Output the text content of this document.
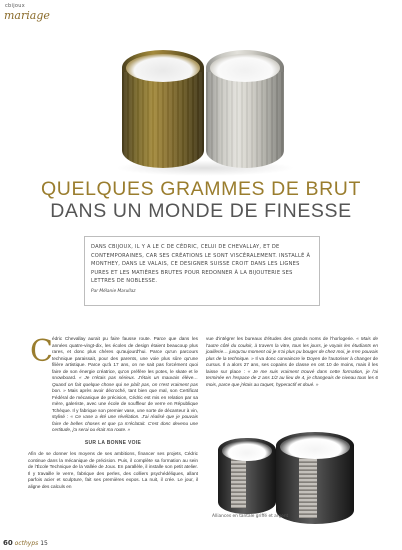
cbijoux
mariage
QUELQUES GRAMMES DE BRUT
DANS UN MONDE DE FINESSE
DANS CBIJOUX, IL Y A LE C DE CÉDRIC, CELUI DE CHEVALLAY, ET DE CONTEMPORAINES, CAR SES CRÉATIONS LE SONT VISCÉRALEMENT. INSTALLÉ À MONTHEY, DANS LE VALAIS, CE DESIGNER SUISSE CROIT DANS LES LIGNES PURES ET LES MATIÈRES BRUTES POUR REDONNER À LA BIJOUTERIE SES LETTRES DE NOBLESSE.
Par Mélanie Marullaz
C édric Chevallay aurait pu faire fausse route. Parce que dans les années quatre-vingt-dix, les écoles de design étaient beaucoup plus rares, et donc plus chères qu'aujourd'hui. Parce qu'un parcours technique paraissait, pour des parents, une voie plus sûre qu'une filière artistique. Parce qu'à 17 ans, on ne sait pas forcément quoi faire de son énergie créatrice, qu'on préfère les potes, le skate et le snowboard. « Je n'étais pas sérieux. J'étais un mauvais élève… Quand on fait quelque chose qui ne plaît pas, on n'est vraiment pas bon. » Mais après avoir décroché, tant bien que mal, son Certificat Fédéral de mécanique de précision, Cédric est mis en relation par sa mère, galeriste, avec une école de souffleur de verre en République Tchèque. Il y fabrique son premier vase, une sorte de décanteur à vin, stylisé : « Ce vase a été une révélation. J'ai réalisé que je pouvais faire de belles choses et que ça m'éclatait. C'est donc devenu une certitude, j'a serai ou était ma route. »

SUR LA BONNE VOIE

Afin de se donner les moyens de ses ambitions, financer ses projets, Cédric continue dans la mécanique de précision. Puis, il complète sa formation au sein de l'École Technique de la Vallée de Joux. En parallèle, il installe son petit atelier. Il y travaille le verre, fabrique des perles, des colliers psychédéliques, allant parfois acier et sculpture, fait ses premières expos. La nuit, il crée. Le jour, il aligne des calculs en

vue d'intégrer les bureaux d'études des grands noms de l'horlogerie. « Mais de l'autre côté du couloir, à travers la vitre, tous les jours, je voyais les étudiants en joaillerie… jusqu'au moment où je n'ai plus pu bouger de chez moi, je n'en pouvais plus de la technique. » Il va donc convaincre le Doyen de l'autoriser à changer de cursus. Il a alors 27 ans, ses copains de classe en ont 10 de moins, mais il les laisse sur place : « Je me suis vraiment trouvé dans cette formation, je l'ai terminée en l'espace de 2 ans 1/2 au lieu de 4, je changeais de niveau tous les 6 mois, parce que j'étais au taquet, hyperactif et doué. »

Alliances en tantale griffé et argent
60 octhyps 15
